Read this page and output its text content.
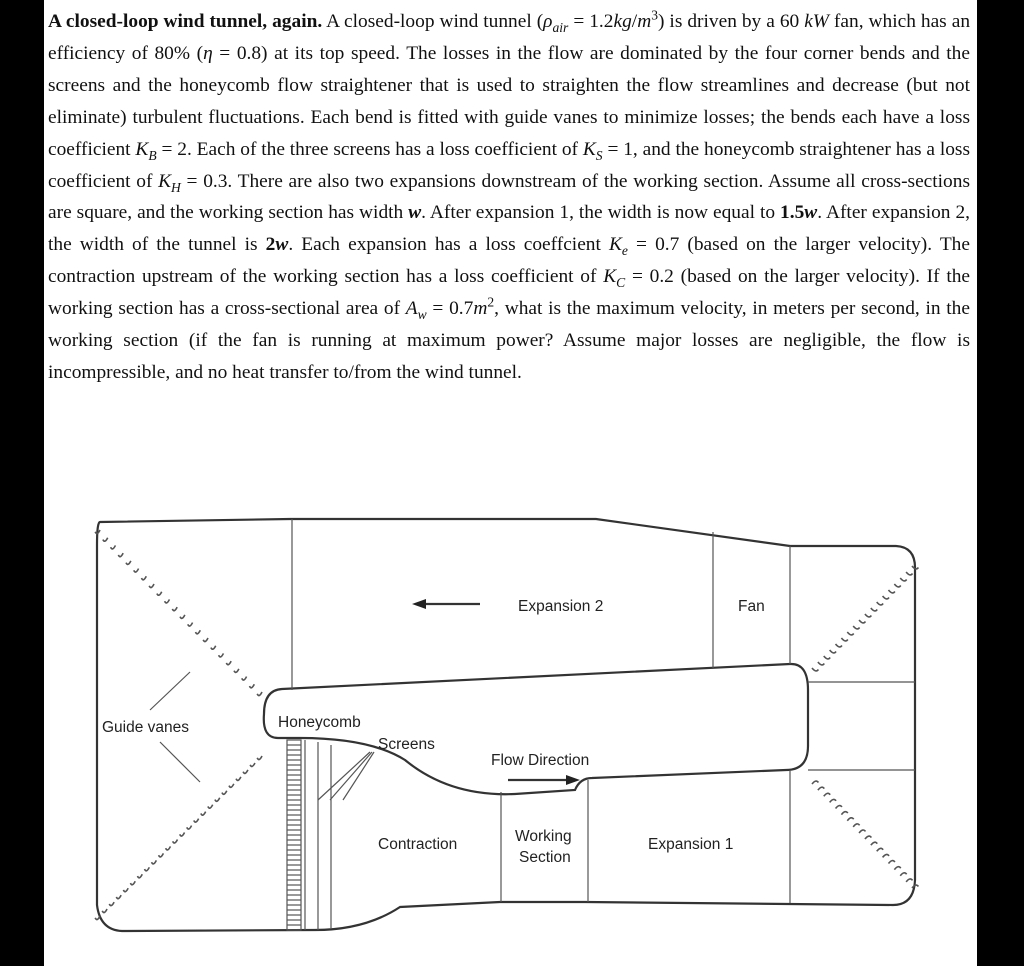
A closed-loop wind tunnel, again. A closed-loop wind tunnel $(\rho_{air} = 1.2kg/m^3)$ is driven by a 60 kW fan, which has an efficiency of 80% (η = 0.8) at its top speed. The losses in the flow are dominated by the four corner bends and the screens and the honeycomb flow straightener that is used to straighten the flow streamlines and decrease (but not eliminate) turbulent fluctuations. Each bend is fitted with guide vanes to minimize losses; the bends each have a loss coefficient $K_B = 2$. Each of the three screens has a loss coefficient of $K_S = 1$, and the honeycomb straightener has a loss coefficient of $K_H = 0.3$. There are also two expansions downstream of the working section. Assume all cross-sections are square, and the working section has width w. After expansion 1, the width is now equal to 1.5w. After expansion 2, the width of the tunnel is 2w. Each expansion has a loss coeffcient $K_e = 0.7$ (based on the larger velocity). The contraction upstream of the working section has a loss coefficient of $K_C = 0.2$ (based on the larger velocity). If the working section has a cross-sectional area of $A_w = 0.7m^2$, what is the maximum velocity, in meters per second, in the working section (if the fan is running at maximum power? Assume major losses are negligible, the flow is incompressible, and no heat transfer to/from the wind tunnel.
Expansion 2	Fan
Guide vanes	Honeycomb
Screens
Flow Direction
Contraction	Working
Section
Expansion 1
